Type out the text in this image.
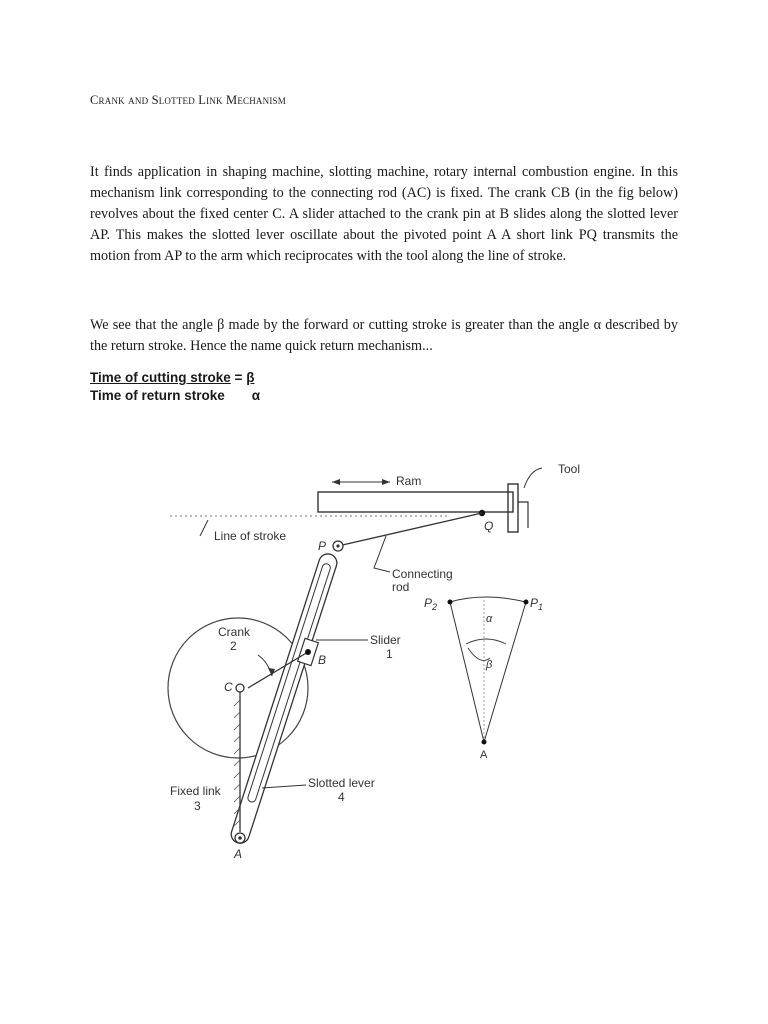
Crank and Slotted Link Mechanism

It finds application in shaping machine, slotting machine, rotary internal combustion engine. In this mechanism link corresponding to the connecting rod (AC) is fixed. The crank CB (in the fig below) revolves about the fixed center C. A slider attached to the crank pin at B slides along the slotted lever AP. This makes the slotted lever oscillate about the pivoted point A A short link PQ transmits the motion from AP to the arm which reciprocates with the tool along the line of stroke.

We see that the angle β made by the forward or cutting stroke is greater than the angle α described by the return stroke. Hence the name quick return mechanism...

Time of cutting stroke = β
Time of return stroke α
Ram
Tool
Q
Connecting
rod
Line of stroke
P
B
Crank
2	Slider
1
C
Fixed link
3
Slotted lever
4
A
$P_2$	$P_1$
α
β
A
